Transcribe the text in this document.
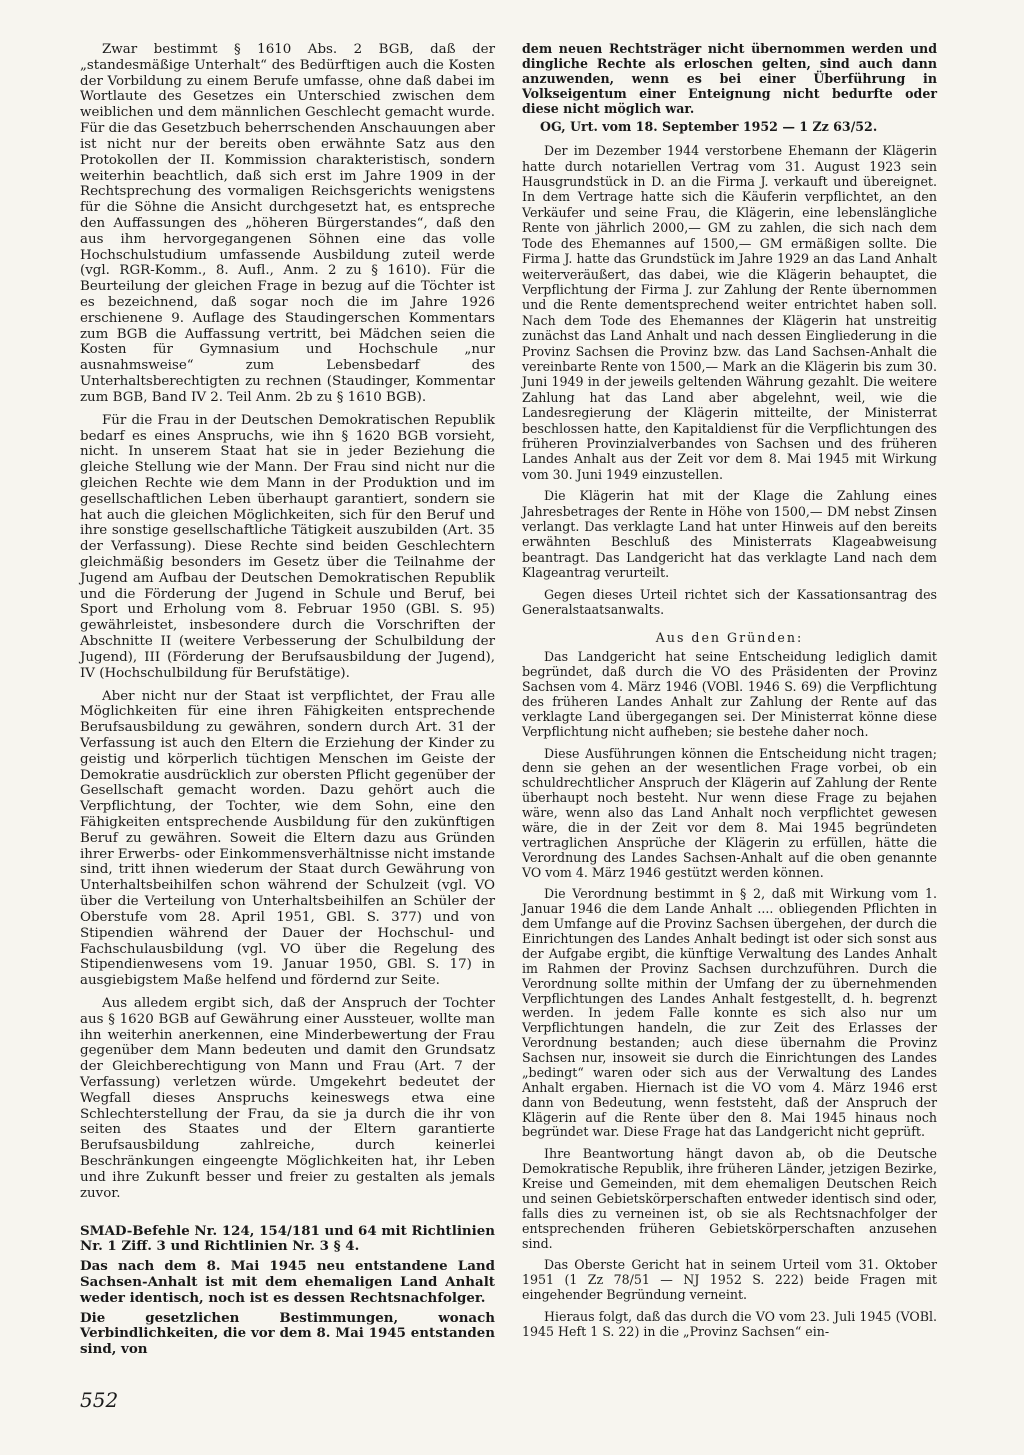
Zwar bestimmt § 1610 Abs. 2 BGB, daß der „standesmäßige Unterhalt“ des Bedürftigen auch die Kosten der Vorbildung zu einem Berufe umfasse, ohne daß dabei im Wortlaute des Gesetzes ein Unterschied zwischen dem weiblichen und dem männlichen Geschlecht gemacht wurde. Für die das Gesetzbuch beherrschenden Anschauungen aber ist nicht nur der bereits oben erwähnte Satz aus den Protokollen der II. Kommission charakteristisch, sondern weiterhin beachtlich, daß sich erst im Jahre 1909 in der Rechtsprechung des vormaligen Reichsgerichts wenigstens für die Söhne die Ansicht durchgesetzt hat, es entspreche den Auffassungen des „höheren Bürgerstandes“, daß den aus ihm hervorgegangenen Söhnen eine das volle Hochschulstudium umfassende Ausbildung zuteil werde (vgl. RGR-Komm., 8. Aufl., Anm. 2 zu § 1610). Für die Beurteilung der gleichen Frage in bezug auf die Töchter ist es bezeichnend, daß sogar noch die im Jahre 1926 erschienene 9. Auflage des Staudingerschen Kommentars zum BGB die Auffassung vertritt, bei Mädchen seien die Kosten für Gymnasium und Hochschule „nur ausnahmsweise“ zum Lebensbedarf des Unterhaltsberechtigten zu rechnen (Staudinger, Kommentar zum BGB, Band IV 2. Teil Anm. 2b zu § 1610 BGB).

Für die Frau in der Deutschen Demokratischen Republik bedarf es eines Anspruchs, wie ihn § 1620 BGB vorsieht, nicht. In unserem Staat hat sie in jeder Beziehung die gleiche Stellung wie der Mann. Der Frau sind nicht nur die gleichen Rechte wie dem Mann in der Produktion und im gesellschaftlichen Leben überhaupt garantiert, sondern sie hat auch die gleichen Möglichkeiten, sich für den Beruf und ihre sonstige gesellschaftliche Tätigkeit auszubilden (Art. 35 der Verfassung). Diese Rechte sind beiden Geschlechtern gleichmäßig besonders im Gesetz über die Teilnahme der Jugend am Aufbau der Deutschen Demokratischen Republik und die Förderung der Jugend in Schule und Beruf, bei Sport und Erholung vom 8. Februar 1950 (GBl. S. 95) gewährleistet, insbesondere durch die Vorschriften der Abschnitte II (weitere Verbesserung der Schulbildung der Jugend), III (Förderung der Berufsausbildung der Jugend), IV (Hochschulbildung für Berufstätige).

Aber nicht nur der Staat ist verpflichtet, der Frau alle Möglichkeiten für eine ihren Fähigkeiten entsprechende Berufsausbildung zu gewähren, sondern durch Art. 31 der Verfassung ist auch den Eltern die Erziehung der Kinder zu geistig und körperlich tüchtigen Menschen im Geiste der Demokratie ausdrücklich zur obersten Pflicht gegenüber der Gesellschaft gemacht worden. Dazu gehört auch die Verpflichtung, der Tochter, wie dem Sohn, eine den Fähigkeiten entsprechende Ausbildung für den zukünftigen Beruf zu gewähren. Soweit die Eltern dazu aus Gründen ihrer Erwerbs- oder Einkommensverhältnisse nicht imstande sind, tritt ihnen wiederum der Staat durch Gewährung von Unterhaltsbeihilfen schon während der Schulzeit (vgl. VO über die Verteilung von Unterhaltsbeihilfen an Schüler der Oberstufe vom 28. April 1951, GBl. S. 377) und von Stipendien während der Dauer der Hochschul- und Fachschulausbildung (vgl. VO über die Regelung des Stipendienwesens vom 19. Januar 1950, GBl. S. 17) in ausgiebigstem Maße helfend und fördernd zur Seite.

Aus alledem ergibt sich, daß der Anspruch der Tochter aus § 1620 BGB auf Gewährung einer Aussteuer, wollte man ihn weiterhin anerkennen, eine Minderbewertung der Frau gegenüber dem Mann bedeuten und damit den Grundsatz der Gleichberechtigung von Mann und Frau (Art. 7 der Verfassung) verletzen würde. Umgekehrt bedeutet der Wegfall dieses Anspruchs keineswegs etwa eine Schlechterstellung der Frau, da sie ja durch die ihr von seiten des Staates und der Eltern garantierte Berufsausbildung zahlreiche, durch keinerlei Beschränkungen eingeengte Möglichkeiten hat, ihr Leben und ihre Zukunft besser und freier zu gestalten als jemals zuvor.

SMAD-Befehle Nr. 124, 154/181 und 64 mit Richtlinien Nr. 1 Ziff. 3 und Richtlinien Nr. 3 § 4.

Das nach dem 8. Mai 1945 neu entstandene Land Sachsen-Anhalt ist mit dem ehemaligen Land Anhalt weder identisch, noch ist es dessen Rechtsnachfolger.

Die gesetzlichen Bestimmungen, wonach Verbindlichkeiten, die vor dem 8. Mai 1945 entstanden sind, von

dem neuen Rechtsträger nicht übernommen werden und dingliche Rechte als erloschen gelten, sind auch dann anzuwenden, wenn es bei einer Überführung in Volkseigentum einer Enteignung nicht bedurfte oder diese nicht möglich war.

OG, Urt. vom 18. September 1952 — 1 Zz 63/52.

Der im Dezember 1944 verstorbene Ehemann der Klägerin hatte durch notariellen Vertrag vom 31. August 1923 sein Hausgrundstück in D. an die Firma J. verkauft und übereignet. In dem Vertrage hatte sich die Käuferin verpflichtet, an den Verkäufer und seine Frau, die Klägerin, eine lebenslängliche Rente von jährlich 2000,— GM zu zahlen, die sich nach dem Tode des Ehemannes auf 1500,— GM ermäßigen sollte. Die Firma J. hatte das Grundstück im Jahre 1929 an das Land Anhalt weiterveräußert, das dabei, wie die Klägerin behauptet, die Verpflichtung der Firma J. zur Zahlung der Rente übernommen und die Rente dementsprechend weiter entrichtet haben soll. Nach dem Tode des Ehemannes der Klägerin hat unstreitig zunächst das Land Anhalt und nach dessen Eingliederung in die Provinz Sachsen die Provinz bzw. das Land Sachsen-Anhalt die vereinbarte Rente von 1500,— Mark an die Klägerin bis zum 30. Juni 1949 in der jeweils geltenden Währung gezahlt. Die weitere Zahlung hat das Land aber abgelehnt, weil, wie die Landesregierung der Klägerin mitteilte, der Ministerrat beschlossen hatte, den Kapitaldienst für die Verpflichtungen des früheren Provinzialverbandes von Sachsen und des früheren Landes Anhalt aus der Zeit vor dem 8. Mai 1945 mit Wirkung vom 30. Juni 1949 einzustellen.

Die Klägerin hat mit der Klage die Zahlung eines Jahresbetrages der Rente in Höhe von 1500,— DM nebst Zinsen verlangt. Das verklagte Land hat unter Hinweis auf den bereits erwähnten Beschluß des Ministerrats Klageabweisung beantragt. Das Landgericht hat das verklagte Land nach dem Klageantrag verurteilt.

Gegen dieses Urteil richtet sich der Kassationsantrag des Generalstaatsanwalts.

Aus den Gründen:

Das Landgericht hat seine Entscheidung lediglich damit begründet, daß durch die VO des Präsidenten der Provinz Sachsen vom 4. März 1946 (VOBl. 1946 S. 69) die Verpflichtung des früheren Landes Anhalt zur Zahlung der Rente auf das verklagte Land übergegangen sei. Der Ministerrat könne diese Verpflichtung nicht aufheben; sie bestehe daher noch.

Diese Ausführungen können die Entscheidung nicht tragen; denn sie gehen an der wesentlichen Frage vorbei, ob ein schuldrechtlicher Anspruch der Klägerin auf Zahlung der Rente überhaupt noch besteht. Nur wenn diese Frage zu bejahen wäre, wenn also das Land Anhalt noch verpflichtet gewesen wäre, die in der Zeit vor dem 8. Mai 1945 begründeten vertraglichen Ansprüche der Klägerin zu erfüllen, hätte die Verordnung des Landes Sachsen-Anhalt auf die oben genannte VO vom 4. März 1946 gestützt werden können.

Die Verordnung bestimmt in § 2, daß mit Wirkung vom 1. Januar 1946 die dem Lande Anhalt .... obliegenden Pflichten in dem Umfange auf die Provinz Sachsen übergehen, der durch die Einrichtungen des Landes Anhalt bedingt ist oder sich sonst aus der Aufgabe ergibt, die künftige Verwaltung des Landes Anhalt im Rahmen der Provinz Sachsen durchzuführen. Durch die Verordnung sollte mithin der Umfang der zu übernehmenden Verpflichtungen des Landes Anhalt festgestellt, d. h. begrenzt werden. In jedem Falle konnte es sich also nur um Verpflichtungen handeln, die zur Zeit des Erlasses der Verordnung bestanden; auch diese übernahm die Provinz Sachsen nur, insoweit sie durch die Einrichtungen des Landes „bedingt“ waren oder sich aus der Verwaltung des Landes Anhalt ergaben. Hiernach ist die VO vom 4. März 1946 erst dann von Bedeutung, wenn feststeht, daß der Anspruch der Klägerin auf die Rente über den 8. Mai 1945 hinaus noch begründet war. Diese Frage hat das Landgericht nicht geprüft.

Ihre Beantwortung hängt davon ab, ob die Deutsche Demokratische Republik, ihre früheren Länder, jetzigen Bezirke, Kreise und Gemeinden, mit dem ehemaligen Deutschen Reich und seinen Gebietskörperschaften entweder identisch sind oder, falls dies zu verneinen ist, ob sie als Rechtsnachfolger der entsprechenden früheren Gebietskörperschaften anzusehen sind.

Das Oberste Gericht hat in seinem Urteil vom 31. Oktober 1951 (1 Zz 78/51 — NJ 1952 S. 222) beide Fragen mit eingehender Begründung verneint.

Hieraus folgt, daß das durch die VO vom 23. Juli 1945 (VOBl. 1945 Heft 1 S. 22) in die „Provinz Sachsen“ ein-

552
